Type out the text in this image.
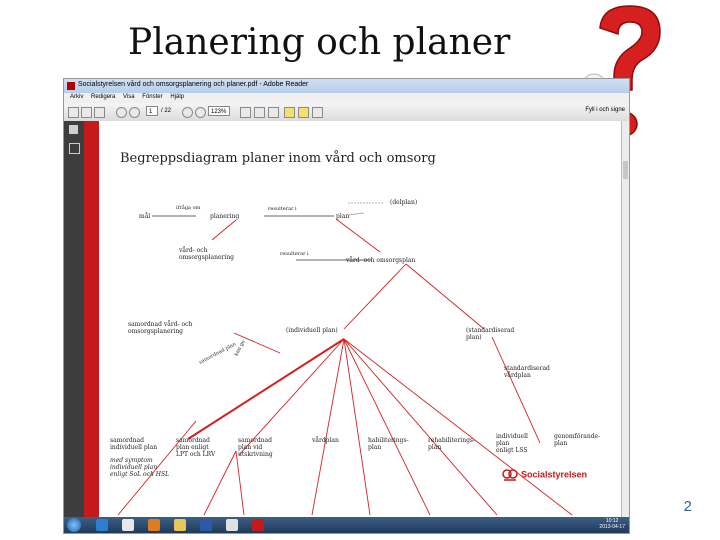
Planering och planer
Socialstyrelsen vård och omsorgsplanering och planer.pdf - Adobe Reader
Arkiv Redigera Visa Fönster Hjälp
1	/ 22	123%	Fyll i och signe
Begreppsdiagram planer inom vård och omsorg
samordnad plan
mål
ifråga om
planering
resulterar i
plan
(delplan)
vård- och
omsorgsplanering	resulterar i
vård- och omsorgsplan
samordnad vård- och
omsorgsplanering	(individuell plan)	(standardiserad
plan)
standardiserad
vårdplan
kan ge
samordnad
individuell plan
med symptom
individuell plan
enligt SoL och HSL
samordnad
plan enligt
LPT och LRV
samordnad
plan vid
utskrivning
vårdplan	habiliterings-
plan
rehabiliterings-
plan
individuell
plan
enligt LSS
genomförande-
plan
Socialstyrelsen
10:12
2013-04-17
2
